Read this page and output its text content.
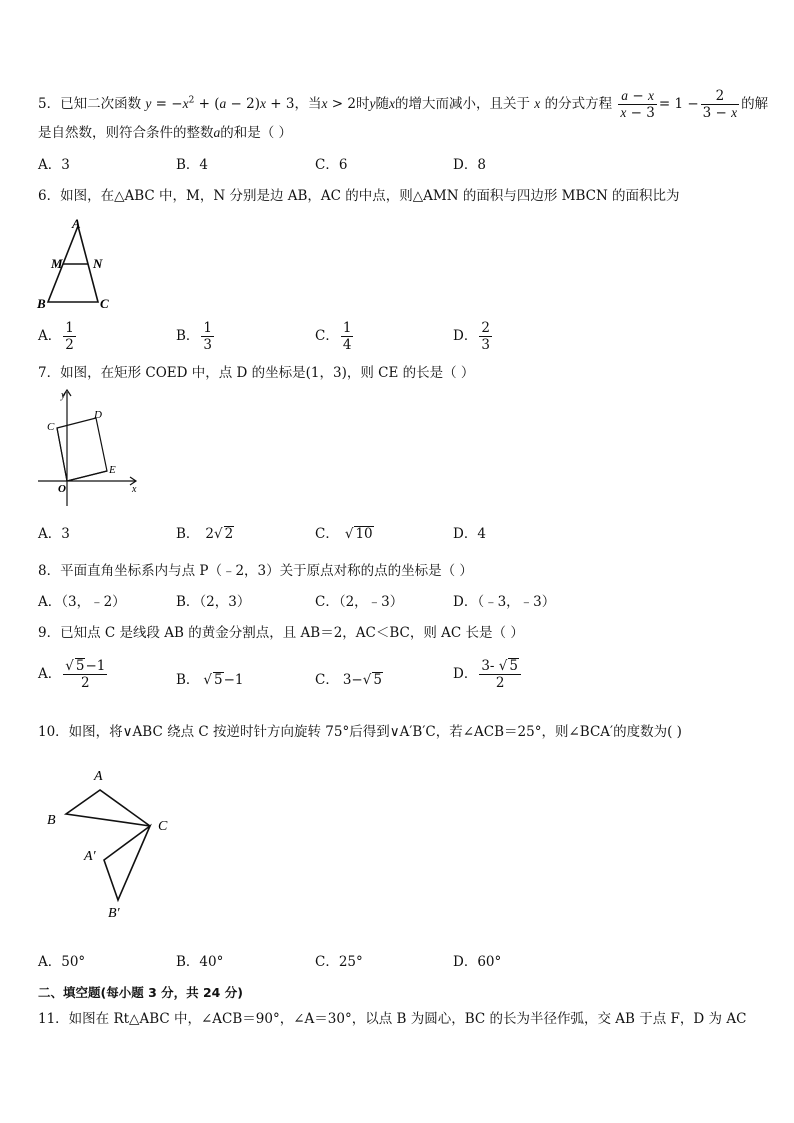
5．已知二次函数 $y = -x^2 + (a - 2)x + 3$，当x > 2时y随x的增大而减小，且关于 x 的分式方程 $\frac{a - x}{x - 3} = 1 - \frac{2}{3 - x}$ 的解
是自然数，则符合条件的整数a的和是（ ）
A．3	B．4	C．6	D．8
6．如图，在△ABC 中，M，N 分别是边 AB，AC 的中点，则△AMN 的面积与四边形 MBCN 的面积比为
A
M N
B	C
A． $\frac{1}{2}$	B． $\frac{1}{3}$	C． $\frac{1}{4}$	D． $\frac{2}{3}$
7．如图，在矩形 COED 中，点 D 的坐标是(1，3)，则 CE 的长是（ ）
y
x
O
C
D
E
A．3	B． 2√ 2	C． √ 10	D．4
8．平面直角坐标系内与点 P（﹣2，3）关于原点对称的点的坐标是（ ）
A．（3，﹣2）	B．（2，3）	C．（2，﹣3）	D．（﹣3，﹣3）
9．已知点 C 是线段 AB 的黄金分割点，且 AB＝2，AC＜BC，则 AC 长是（ ）
A． $\frac{√ 5-1}{2}$	B． √ 5−1	C． 3−√ 5	D． $\frac{3- √ 5}{2}$
10．如图，将∨ABC 绕点 C 按逆时针方向旋转 75°后得到∨A′B′C，若∠ACB＝25°，则∠BCA′的度数为( )
A
B	C
A′
B′
A．50°	B．40°	C．25°	D．60°
二、填空题(每小题 3 分，共 24 分)
11．如图在 Rt△ABC 中，∠ACB＝90°，∠A＝30°，以点 B 为圆心，BC 的长为半径作弧，交 AB 于点 F，D 为 AC
